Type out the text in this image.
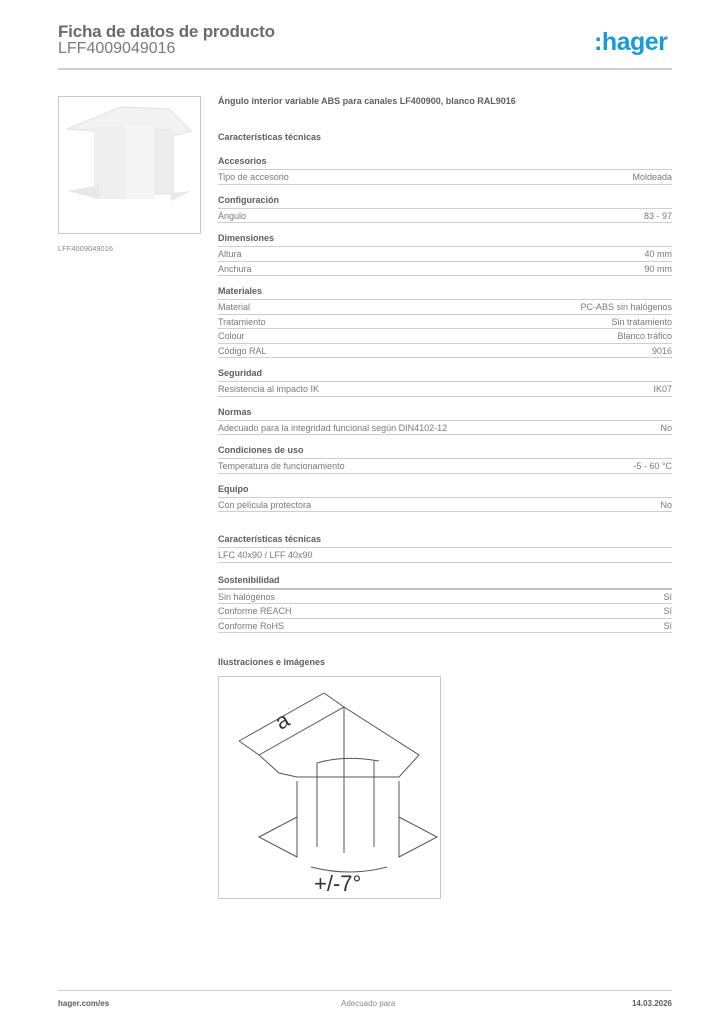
Ficha de datos de producto
LFF4009049016	:hager
LFF4009049016
Ángulo interior variable ABS para canales LF400900, blanco RAL9016
Características técnicas
Accesorios
Tipo de accesorio	Moldeada
Configuración
Ángulo	83 - 97
Dimensiones
Altura	40 mm
Anchura	90 mm
Materiales
Material	PC-ABS sin halógenos
Tratamiento	Sin tratamiento
Colour	Blanco tráfico
Código RAL	9016
Seguridad
Resistencia al impacto IK	IK07
Normas
Adecuado para la integridad funcional según DIN4102-12	No
Condiciones de uso
Temperatura de funcionamiento	-5 - 60 °C
Equipo
Con película protectora	No
Características técnicas
LFC 40x90 / LFF 40x90
Sostenibilidad
Sin halógenos	Sí
Conforme REACH	Sí
Conforme RoHS	Sí
Ilustraciones e imágenes
a
+/-7°
hager.com/es	Adecuado para	14.03.2026
